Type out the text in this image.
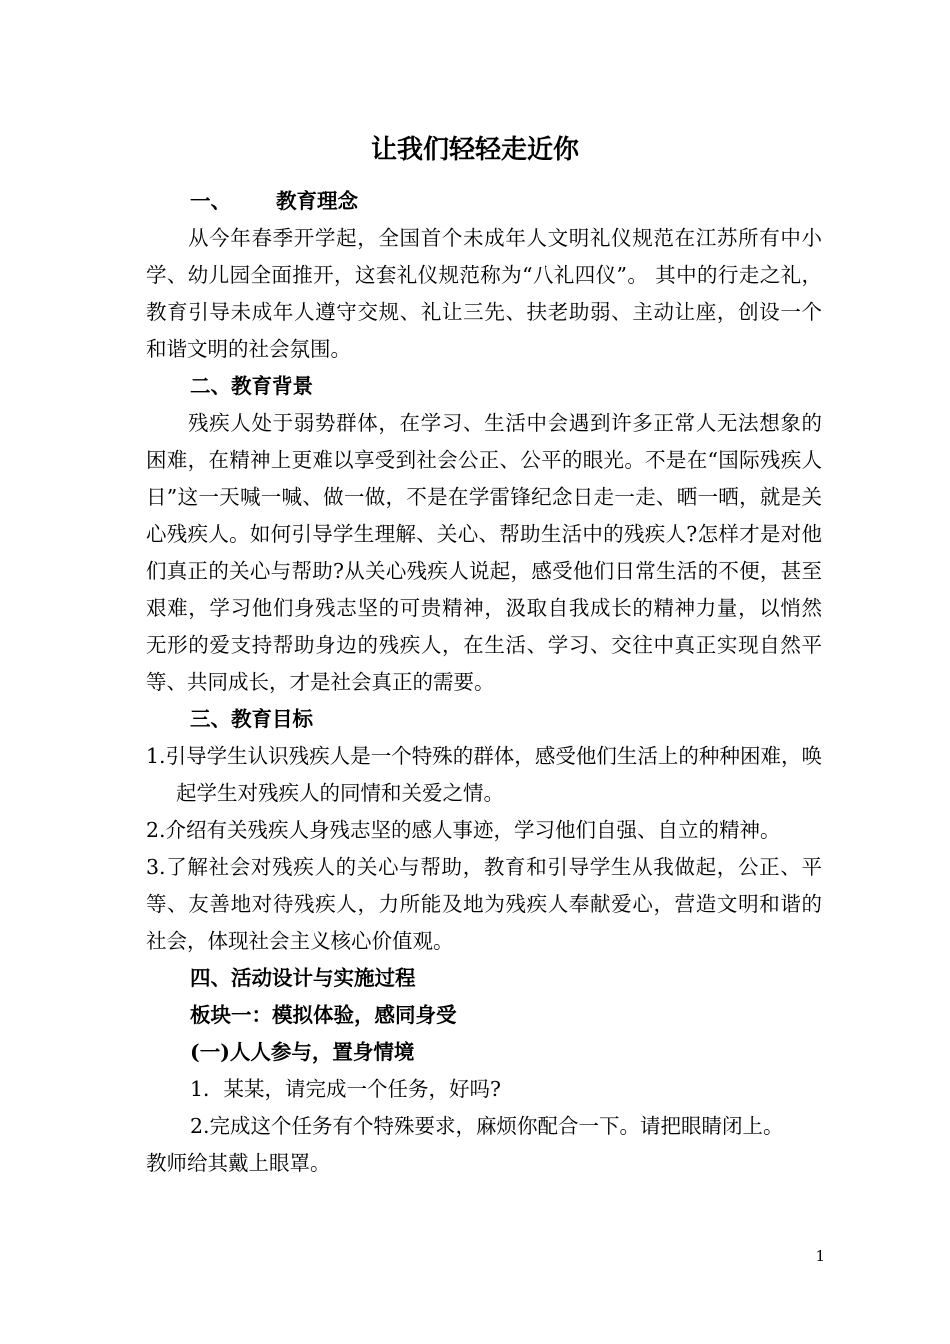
让我们轻轻走近你

一、 教育理念

从今年春季开学起，全国首个未成年人文明礼仪规范在江苏所有中小学、幼儿园全面推开，这套礼仪规范称为“八礼四仪”。 其中的行走之礼，教育引导未成年人遵守交规、礼让三先、扶老助弱、主动让座，创设一个和谐文明的社会氛围。

二、教育背景

残疾人处于弱势群体，在学习、生活中会遇到许多正常人无法想象的困难，在精神上更难以享受到社会公正、公平的眼光。不是在“国际残疾人日”这一天喊一喊、做一做，不是在学雷锋纪念日走一走、晒一晒，就是关心残疾人。如何引导学生理解、关心、帮助生活中的残疾人?怎样才是对他们真正的关心与帮助?从关心残疾人说起，感受他们日常生活的不便，甚至艰难，学习他们身残志坚的可贵精神，汲取自我成长的精神力量，以悄然无形的爱支持帮助身边的残疾人，在生活、学习、交往中真正实现自然平等、共同成长，才是社会真正的需要。

三、教育目标

1.引导学生认识残疾人是一个特殊的群体，感受他们生活上的种种困难，唤起学生对残疾人的同情和关爱之情。

2.介绍有关残疾人身残志坚的感人事迹，学习他们自强、自立的精神。

3.了解社会对残疾人的关心与帮助，教育和引导学生从我做起，公正、平等、友善地对待残疾人，力所能及地为残疾人奉献爱心，营造文明和谐的社会，体现社会主义核心价值观。

四、活动设计与实施过程

板块一：模拟体验，感同身受

(一)人人参与，置身情境

1．某某，请完成一个任务，好吗?

2.完成这个任务有个特殊要求，麻烦你配合一下。请把眼睛闭上。

教师给其戴上眼罩。

1
